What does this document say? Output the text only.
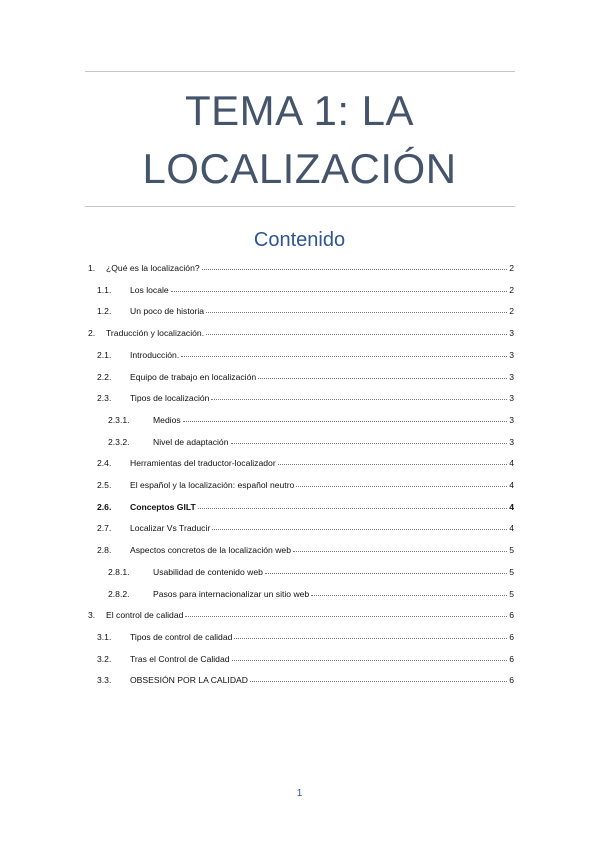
TEMA 1: LA
LOCALIZACIÓN
Contenido
1.	¿Qué es la localización?	2
1.1.	Los locale	2
1.2.	Un poco de historia	2
2.	Traducción y localización.	3
2.1.	Introducción.	3
2.2.	Equipo de trabajo en localización	3
2.3.	Tipos de localización	3
2.3.1.	Medios	3
2.3.2.	Nivel de adaptación	3
2.4.	Herramientas del traductor-localizador	4
2.5.	El español y la localización: español neutro	4
2.6.	Conceptos GILT	4
2.7.	Localizar Vs Traducir	4
2.8.	Aspectos concretos de la localización web	5
2.8.1.	Usabilidad de contenido web	5
2.8.2.	Pasos para internacionalizar un sitio web	5
3.	El control de calidad	6
3.1.	Tipos de control de calidad	6
3.2.	Tras el Control de Calidad	6
3.3.	OBSESIÓN POR LA CALIDAD	6
1
